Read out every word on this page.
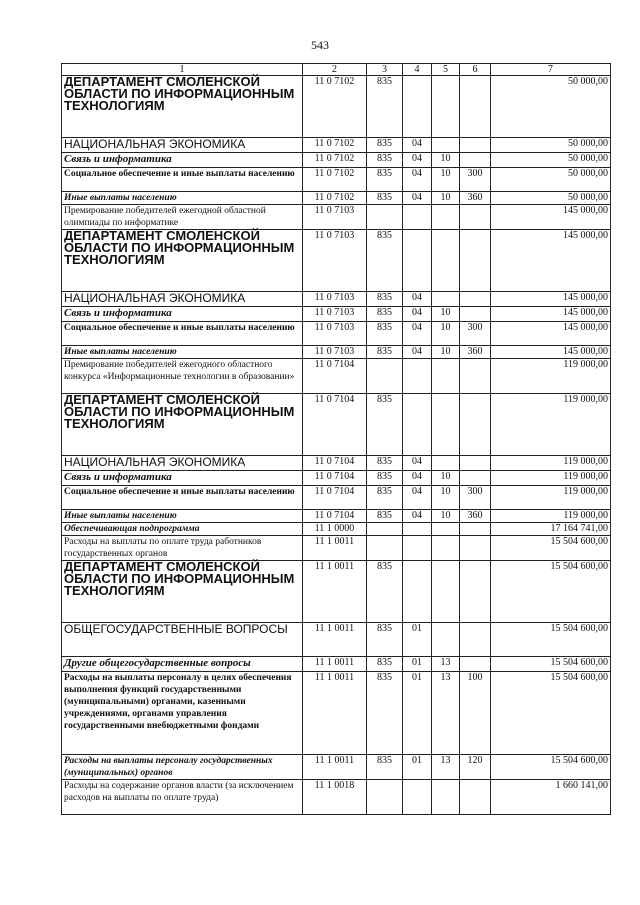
543
1	2	3	4	5	6	7
ДЕПАРТАМЕНТ СМОЛЕНСКОЙ ОБЛАСТИ ПО ИНФОРМАЦИОННЫМ ТЕХНОЛОГИЯМ	11 0 7102	835				50 000,00
НАЦИОНАЛЬНАЯ ЭКОНОМИКА	11 0 7102	835	04			50 000,00
Связь и информатика	11 0 7102	835	04	10		50 000,00
Социальное обеспечение и иные выплаты населению	11 0 7102	835	04	10	300	50 000,00
Иные выплаты населению	11 0 7102	835	04	10	360	50 000,00
Премирование победителей ежегодной областной олимпиады по информатике	11 0 7103					145 000,00
ДЕПАРТАМЕНТ СМОЛЕНСКОЙ ОБЛАСТИ ПО ИНФОРМАЦИОННЫМ ТЕХНОЛОГИЯМ	11 0 7103	835				145 000,00
НАЦИОНАЛЬНАЯ ЭКОНОМИКА	11 0 7103	835	04			145 000,00
Связь и информатика	11 0 7103	835	04	10		145 000,00
Социальное обеспечение и иные выплаты населению	11 0 7103	835	04	10	300	145 000,00
Иные выплаты населению	11 0 7103	835	04	10	360	145 000,00
Премирование победителей ежегодного областного конкурса «Информационные технологии в образовании»	11 0 7104					119 000,00
ДЕПАРТАМЕНТ СМОЛЕНСКОЙ ОБЛАСТИ ПО ИНФОРМАЦИОННЫМ ТЕХНОЛОГИЯМ	11 0 7104	835				119 000,00
НАЦИОНАЛЬНАЯ ЭКОНОМИКА	11 0 7104	835	04			119 000,00
Связь и информатика	11 0 7104	835	04	10		119 000,00
Социальное обеспечение и иные выплаты населению	11 0 7104	835	04	10	300	119 000,00
Иные выплаты населению	11 0 7104	835	04	10	360	119 000,00
Обеспечивающая подпрограмма	11 1 0000					17 164 741,00
Расходы на выплаты по оплате труда работников государственных органов	11 1 0011					15 504 600,00
ДЕПАРТАМЕНТ СМОЛЕНСКОЙ ОБЛАСТИ ПО ИНФОРМАЦИОННЫМ ТЕХНОЛОГИЯМ	11 1 0011	835				15 504 600,00
ОБЩЕГОСУДАРСТВЕННЫЕ ВОПРОСЫ	11 1 0011	835	01			15 504 600,00
Другие общегосударственные вопросы	11 1 0011	835	01	13		15 504 600,00
Расходы на выплаты персоналу в целях обеспечения выполнения функций государственными (муниципальными) органами, казенными учреждениями, органами управления государственными внебюджетными фондами	11 1 0011	835	01	13	100	15 504 600,00
Расходы на выплаты персоналу государственных (муниципальных) органов	11 1 0011	835	01	13	120	15 504 600,00
Расходы на содержание органов власти (за исключением расходов на выплаты по оплате труда)	11 1 0018					1 660 141,00
